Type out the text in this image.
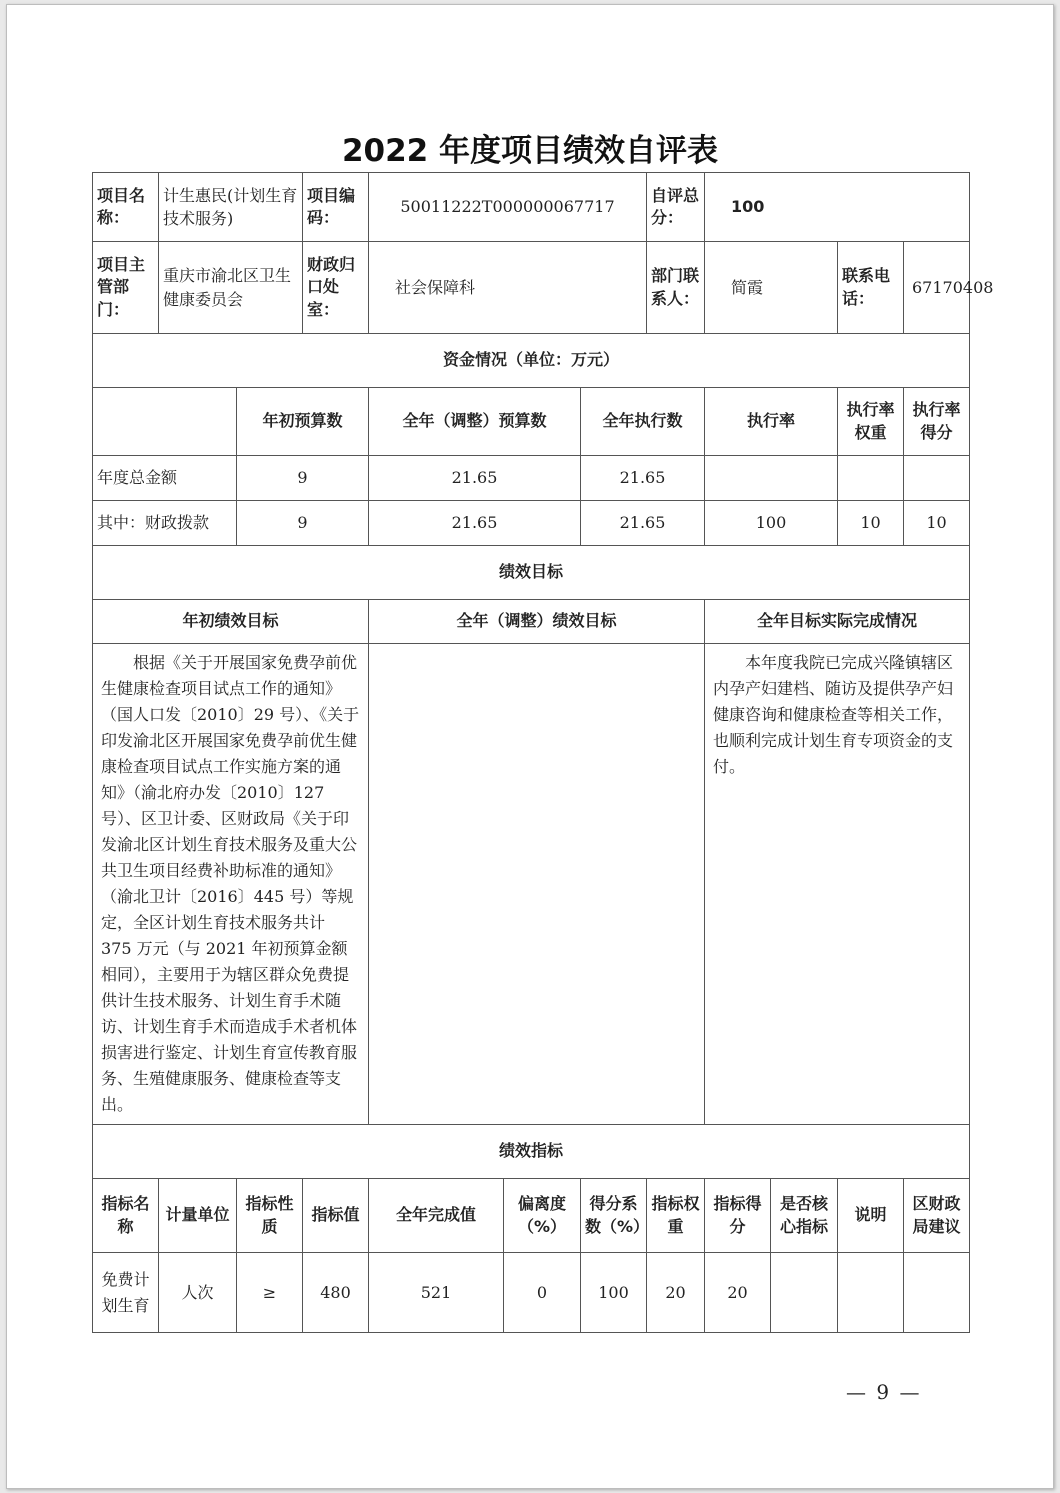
2022 年度项目绩效自评表
项目名称：	计生惠民(计划生育技术服务)		项目编码：	50011222T000000067717			自评总分：	100			
项目主管部门：	重庆市渝北区卫生健康委员会		财政归口处室：	社会保障科			部门联系人：	简霞		联系电话：	67170408
资金情况（单位：万元）											
		年初预算数		全年（调整）预算数		全年执行数		执行率		执行率权重	执行率得分
年度总金额		9		21.65		21.65					
其中：财政拨款		9		21.65		21.65		100		10	10
绩效目标											
年初绩效目标				全年（调整）绩效目标				全年目标实际完成情况			

根据《关于开展国家免费孕前优生健康检查项目试点工作的通知》（国人口发〔2010〕29 号）、《关于印发渝北区开展国家免费孕前优生健康检查项目试点工作实施方案的通知》（渝北府办发〔2010〕127 号）、区卫计委、区财政局《关于印发渝北区计划生育技术服务及重大公共卫生项目经费补助标准的通知》（渝北卫计〔2016〕445 号）等规定，全区计划生育技术服务共计 375 万元（与 2021 年初预算金额相同），主要用于为辖区群众免费提供计生技术服务、计划生育手术随访、计划生育手术而造成手术者机体损害进行鉴定、计划生育宣传教育服务、生殖健康服务、健康检查等支出。								本年度我院已完成兴隆镇辖区内孕产妇建档、随访及提供孕产妇健康咨询和健康检查等相关工作，也顺利完成计划生育专项资金的支付。			

绩效指标											
指标名称	计量单位	指标性质	指标值	全年完成值	偏离度（%）	得分系数（%）	指标权重	指标得分	是否核心指标	说明	区财政局建议
免费计划生育	人次	≥	480	521	0	100	20	20			
— 9 —
